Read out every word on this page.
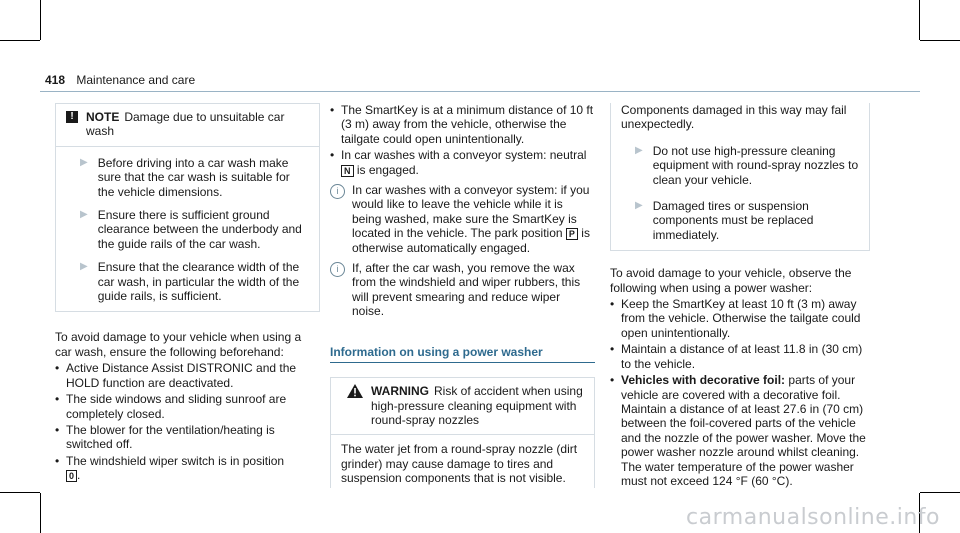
418 Maintenance and care
!	NOTE Damage due to unsuitable car wash

▶ Before driving into a car wash make sure that the car wash is suitable for the vehicle dimensions.
▶ Ensure there is sufficient ground clearance between the underbody and the guide rails of the car wash.
▶ Ensure that the clearance width of the car wash, in particular the width of the guide rails, is sufficient.

To avoid damage to your vehicle when using a car wash, ensure the following beforehand:

• Active Distance Assist DISTRONIC and the HOLD function are deactivated.
• The side windows and sliding sunroof are completely closed.
• The blower for the ventilation/heating is switched off.
• The windshield wiper switch is in position
0 .
• The SmartKey is at a minimum distance of 10 ft (3 m) away from the vehicle, otherwise the tailgate could open unintentionally.
• In car washes with a conveyor system: neutral N is engaged.
i	In car washes with a conveyor system: if you would like to leave the vehicle while it is being washed, make sure the SmartKey is located in the vehicle. The park position P is otherwise automatically engaged.

i	If, after the car wash, you remove the wax from the windshield and wiper rubbers, this will prevent smearing and reduce wiper noise.

Information on using a power washer

WARNING Risk of accident when using high-pressure cleaning equipment with round-spray nozzles

The water jet from a round-spray nozzle (dirt grinder) may cause damage to tires and suspension components that is not visible.

Components damaged in this way may fail unexpectedly.

▶ Do not use high-pressure cleaning equipment with round-spray nozzles to clean your vehicle.
▶ Damaged tires or suspension components must be replaced immediately.

To avoid damage to your vehicle, observe the following when using a power washer:

• Keep the SmartKey at least 10 ft (3 m) away from the vehicle. Otherwise the tailgate could open unintentionally.
• Maintain a distance of at least 11.8 in (30 cm) to the vehicle.
• Vehicles with decorative foil: parts of your vehicle are covered with a decorative foil. Maintain a distance of at least 27.6 in (70 cm) between the foil-covered parts of the vehicle and the nozzle of the power washer. Move the power washer nozzle around whilst cleaning. The water temperature of the power washer must not exceed 124 °F (60 °C).
carmanualsonline.info
